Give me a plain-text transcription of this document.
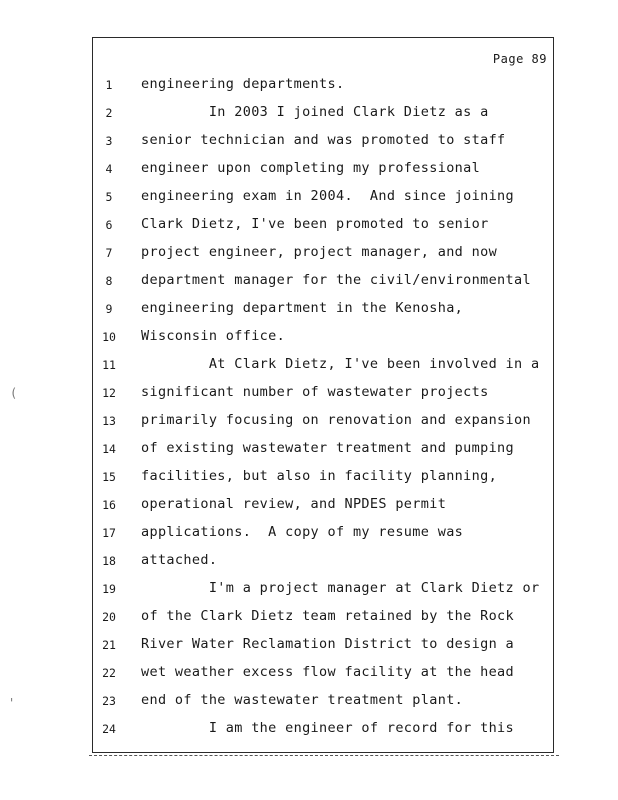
Page 89
1	engineering departments.
2	In 2003 I joined Clark Dietz as a
3	senior technician and was promoted to staff
4	engineer upon completing my professional
5	engineering exam in 2004.  And since joining
6	Clark Dietz, I've been promoted to senior
7	project engineer, project manager, and now
8	department manager for the civil/environmental
9	engineering department in the Kenosha,
10	Wisconsin office.
11	At Clark Dietz, I've been involved in a
12	significant number of wastewater projects
13	primarily focusing on renovation and expansion
14	of existing wastewater treatment and pumping
15	facilities, but also in facility planning,
16	operational review, and NPDES permit
17	applications.  A copy of my resume was
18	attached.
19	I'm a project manager at Clark Dietz or
20	of the Clark Dietz team retained by the Rock
21	River Water Reclamation District to design a
22	wet weather excess flow facility at the head
23	end of the wastewater treatment plant.
24	I am the engineer of record for this
(
'
